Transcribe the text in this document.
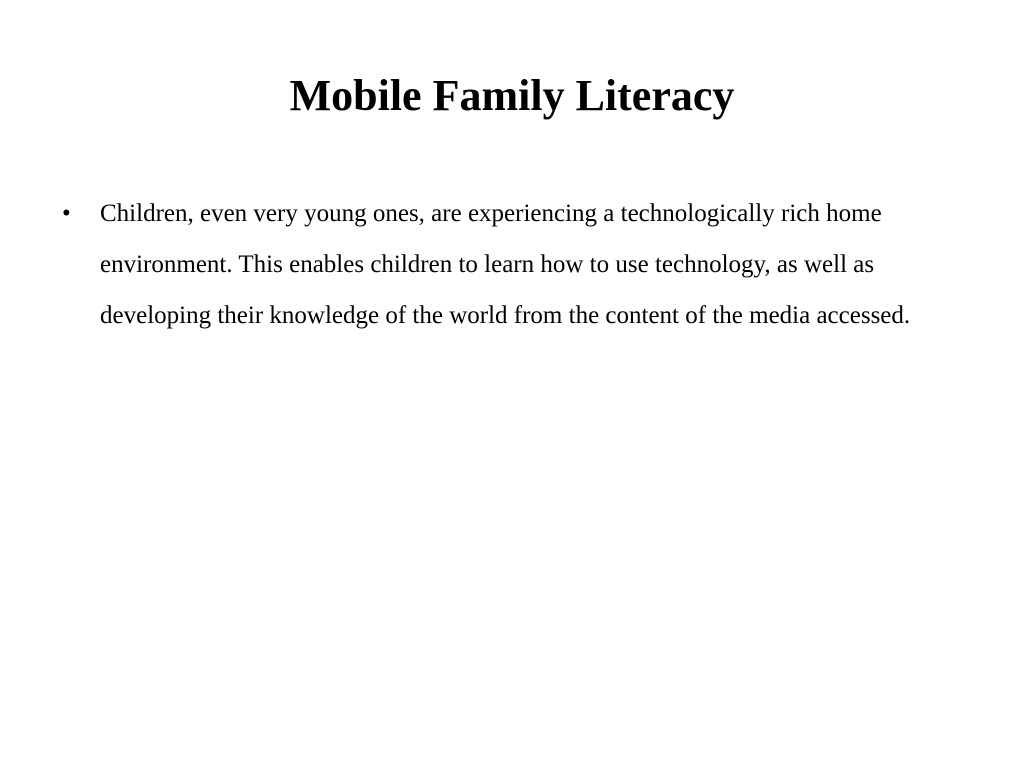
Mobile Family Literacy
• Children, even very young ones, are experiencing a technologically rich home environment. This enables children to learn how to use technology, as well as developing their knowledge of the world from the content of the media accessed.
